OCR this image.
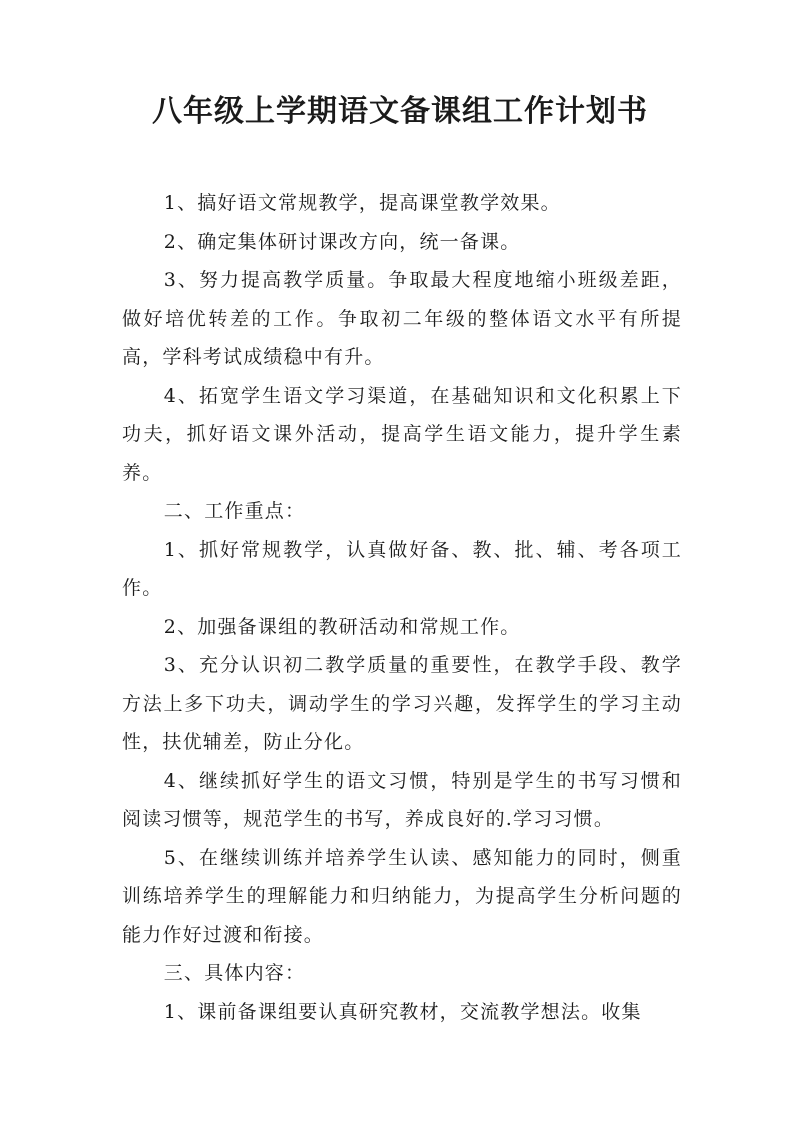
八年级上学期语文备课组工作计划书

1、搞好语文常规教学，提高课堂教学效果。

2、确定集体研讨课改方向，统一备课。

3、努力提高教学质量。争取最大程度地缩小班级差距，做好培优转差的工作。争取初二年级的整体语文水平有所提高，学科考试成绩稳中有升。

4、拓宽学生语文学习渠道，在基础知识和文化积累上下功夫，抓好语文课外活动，提高学生语文能力，提升学生素养。

二、工作重点：

1、抓好常规教学，认真做好备、教、批、辅、考各项工作。

2、加强备课组的教研活动和常规工作。

3、充分认识初二教学质量的重要性，在教学手段、教学方法上多下功夫，调动学生的学习兴趣，发挥学生的学习主动性，扶优辅差，防止分化。

4、继续抓好学生的语文习惯，特别是学生的书写习惯和阅读习惯等，规范学生的书写，养成良好的.学习习惯。

5、在继续训练并培养学生认读、感知能力的同时，侧重训练培养学生的理解能力和归纳能力，为提高学生分析问题的能力作好过渡和衔接。

三、具体内容：

1、课前备课组要认真研究教材，交流教学想法。收集
